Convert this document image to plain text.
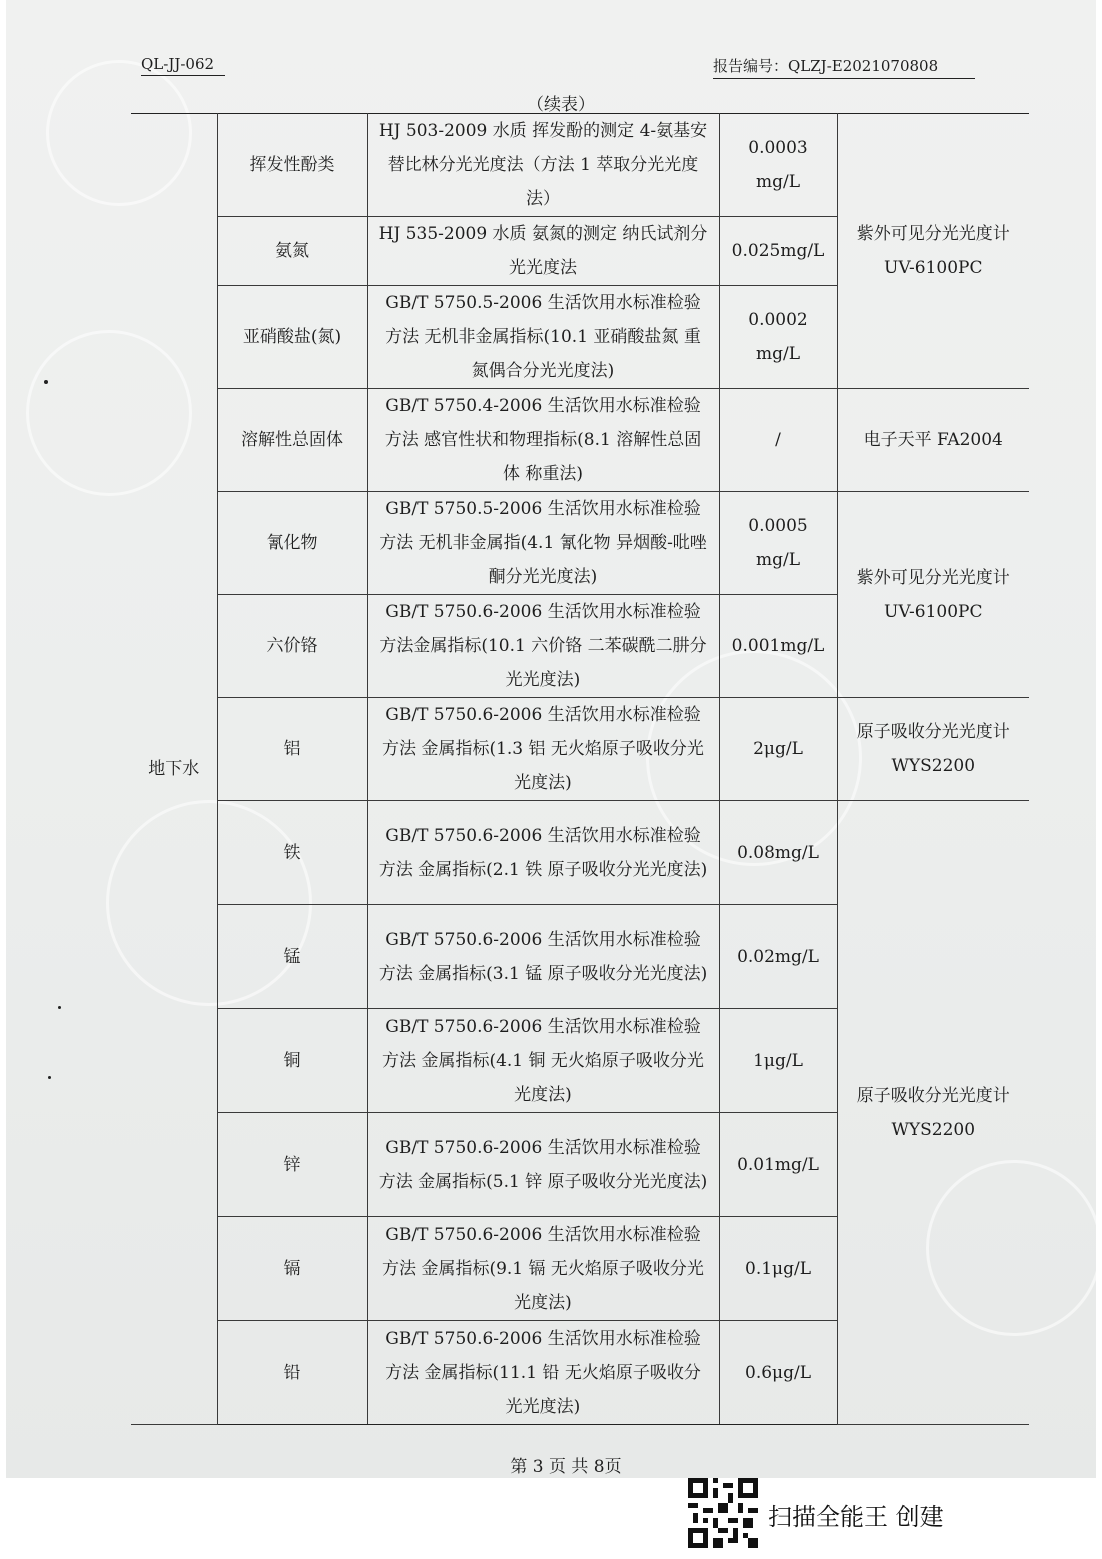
QL-JJ-062	报告编号：QLZJ-E2021070808
（续表）
地下水	挥发性酚类	HJ 503-2009 水质 挥发酚的测定 4-氨基安替比林分光光度法（方法 1 萃取分光光度法）	0.0003 mg/L	紫外可见分光光度计 UV-6100PC
	氨氮	HJ 535-2009 水质 氨氮的测定 纳氏试剂分光光度法	0.025mg/L	
	亚硝酸盐(氮)	GB/T 5750.5-2006 生活饮用水标准检验方法 无机非金属指标(10.1 亚硝酸盐氮 重氮偶合分光光度法)	0.0002 mg/L	
	溶解性总固体	GB/T 5750.4-2006 生活饮用水标准检验方法 感官性状和物理指标(8.1 溶解性总固体 称重法)	/	电子天平 FA2004
	氰化物	GB/T 5750.5-2006 生活饮用水标准检验方法 无机非金属指(4.1 氰化物 异烟酸-吡唑酮分光光度法)	0.0005 mg/L	紫外可见分光光度计 UV-6100PC
	六价铬	GB/T 5750.6-2006 生活饮用水标准检验方法金属指标(10.1 六价铬 二苯碳酰二肼分光光度法)	0.001mg/L	
	铝	GB/T 5750.6-2006 生活饮用水标准检验方法 金属指标(1.3 铝 无火焰原子吸收分光光度法)	2μg/L	原子吸收分光光度计 WYS2200
	铁	GB/T 5750.6-2006 生活饮用水标准检验方法 金属指标(2.1 铁 原子吸收分光光度法)	0.08mg/L	原子吸收分光光度计 WYS2200
	锰	GB/T 5750.6-2006 生活饮用水标准检验方法 金属指标(3.1 锰 原子吸收分光光度法)	0.02mg/L	
	铜	GB/T 5750.6-2006 生活饮用水标准检验方法 金属指标(4.1 铜 无火焰原子吸收分光光度法)	1μg/L	
	锌	GB/T 5750.6-2006 生活饮用水标准检验方法 金属指标(5.1 锌 原子吸收分光光度法)	0.01mg/L	
	镉	GB/T 5750.6-2006 生活饮用水标准检验方法 金属指标(9.1 镉 无火焰原子吸收分光光度法)	0.1μg/L	
	铅	GB/T 5750.6-2006 生活饮用水标准检验方法 金属指标(11.1 铅 无火焰原子吸收分光光度法)	0.6μg/L	
第 3 页 共 8页
扫描全能王 创建
